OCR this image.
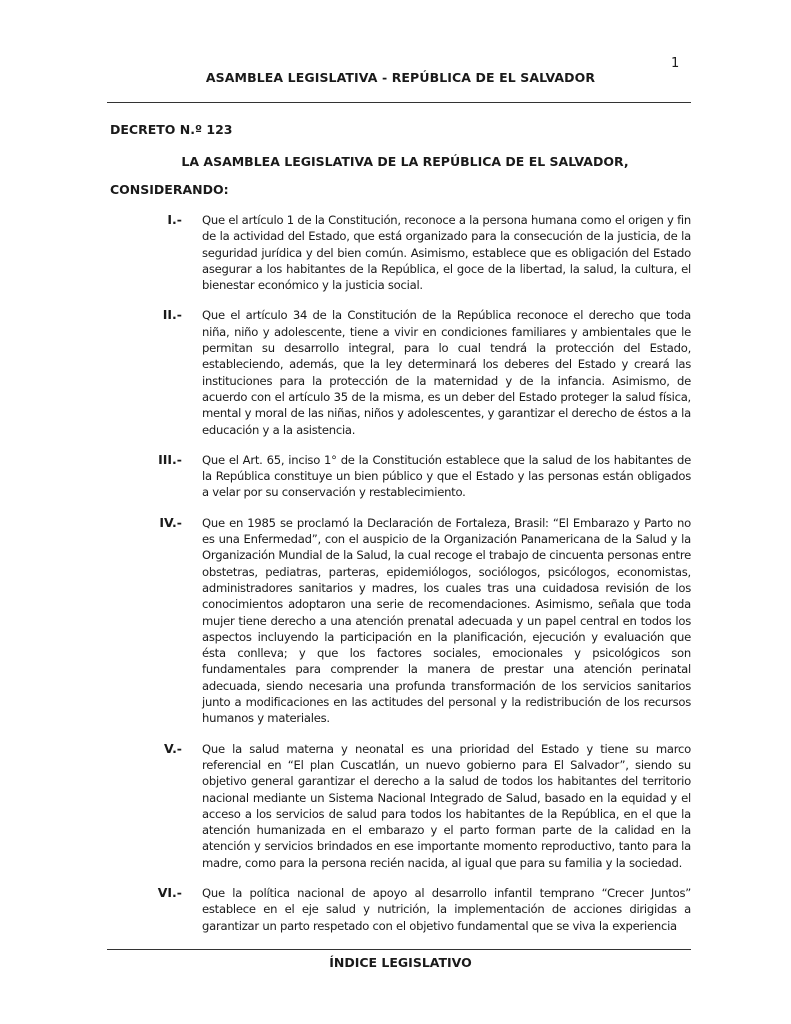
1
ASAMBLEA LEGISLATIVA - REPÚBLICA DE EL SALVADOR
DECRETO N.º 123
LA ASAMBLEA LEGISLATIVA DE LA REPÚBLICA DE EL SALVADOR,
CONSIDERANDO:
I.- Que el artículo 1 de la Constitución, reconoce a la persona humana como el origen y fin de la actividad del Estado, que está organizado para la consecución de la justicia, de la seguridad jurídica y del bien común. Asimismo, establece que es obligación del Estado asegurar a los habitantes de la República, el goce de la libertad, la salud, la cultura, el bienestar económico y la justicia social.
II.- Que el artículo 34 de la Constitución de la República reconoce el derecho que toda niña, niño y adolescente, tiene a vivir en condiciones familiares y ambientales que le permitan su desarrollo integral, para lo cual tendrá la protección del Estado, estableciendo, además, que la ley determinará los deberes del Estado y creará las instituciones para la protección de la maternidad y de la infancia. Asimismo, de acuerdo con el artículo 35 de la misma, es un deber del Estado proteger la salud física, mental y moral de las niñas, niños y adolescentes, y garantizar el derecho de éstos a la educación y a la asistencia.
III.- Que el Art. 65, inciso 1° de la Constitución establece que la salud de los habitantes de la República constituye un bien público y que el Estado y las personas están obligados a velar por su conservación y restablecimiento.
IV.- Que en 1985 se proclamó la Declaración de Fortaleza, Brasil: “El Embarazo y Parto no es una Enfermedad”, con el auspicio de la Organización Panamericana de la Salud y la Organización Mundial de la Salud, la cual recoge el trabajo de cincuenta personas entre obstetras, pediatras, parteras, epidemiólogos, sociólogos, psicólogos, economistas, administradores sanitarios y madres, los cuales tras una cuidadosa revisión de los conocimientos adoptaron una serie de recomendaciones. Asimismo, señala que toda mujer tiene derecho a una atención prenatal adecuada y un papel central en todos los aspectos incluyendo la participación en la planificación, ejecución y evaluación que ésta conlleva; y que los factores sociales, emocionales y psicológicos son fundamentales para comprender la manera de prestar una atención perinatal adecuada, siendo necesaria una profunda transformación de los servicios sanitarios junto a modificaciones en las actitudes del personal y la redistribución de los recursos humanos y materiales.
V.- Que la salud materna y neonatal es una prioridad del Estado y tiene su marco referencial en “El plan Cuscatlán, un nuevo gobierno para El Salvador”, siendo su objetivo general garantizar el derecho a la salud de todos los habitantes del territorio nacional mediante un Sistema Nacional Integrado de Salud, basado en la equidad y el acceso a los servicios de salud para todos los habitantes de la República, en el que la atención humanizada en el embarazo y el parto forman parte de la calidad en la atención y servicios brindados en ese importante momento reproductivo, tanto para la madre, como para la persona recién nacida, al igual que para su familia y la sociedad.
VI.- Que la política nacional de apoyo al desarrollo infantil temprano “Crecer Juntos” establece en el eje salud y nutrición, la implementación de acciones dirigidas a garantizar un parto respetado con el objetivo fundamental que se viva la experiencia
ÍNDICE LEGISLATIVO
